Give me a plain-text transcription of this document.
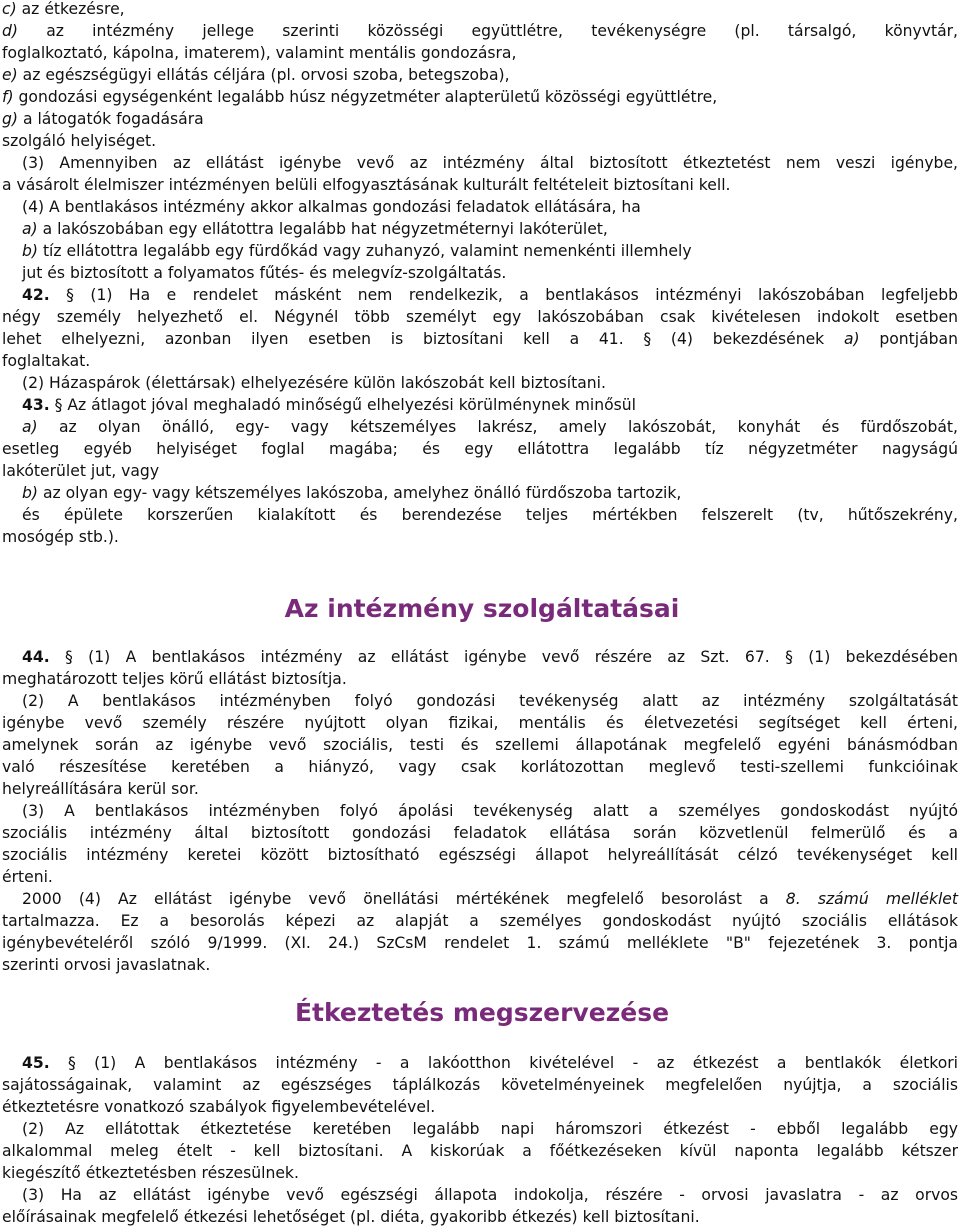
c) az étkezésre,
d) az intézmény jellege szerinti közösségi együttlétre, tevékenységre (pl. társalgó, könyvtár,
foglalkoztató, kápolna, imaterem), valamint mentális gondozásra,
e) az egészségügyi ellátás céljára (pl. orvosi szoba, betegszoba),
f) gondozási egységenként legalább húsz négyzetméter alapterületű közösségi együttlétre,
g) a látogatók fogadására
szolgáló helyiséget.
(3) Amennyiben az ellátást igénybe vevő az intézmény által biztosított étkeztetést nem veszi igénybe,
a vásárolt élelmiszer intézményen belüli elfogyasztásának kulturált feltételeit biztosítani kell.
(4) A bentlakásos intézmény akkor alkalmas gondozási feladatok ellátására, ha
a) a lakószobában egy ellátottra legalább hat négyzetméternyi lakóterület,
b) tíz ellátottra legalább egy fürdőkád vagy zuhanyzó, valamint nemenkénti illemhely
jut és biztosított a folyamatos fűtés- és melegvíz-szolgáltatás.
42. § (1) Ha e rendelet másként nem rendelkezik, a bentlakásos intézményi lakószobában legfeljebb
négy személy helyezhető el. Négynél több személyt egy lakószobában csak kivételesen indokolt esetben
lehet elhelyezni, azonban ilyen esetben is biztosítani kell a 41. § (4) bekezdésének a) pontjában
foglaltakat.
(2) Házaspárok (élettársak) elhelyezésére külön lakószobát kell biztosítani.
43. § Az átlagot jóval meghaladó minőségű elhelyezési körülménynek minősül
a) az olyan önálló, egy- vagy kétszemélyes lakrész, amely lakószobát, konyhát és fürdőszobát,
esetleg egyéb helyiséget foglal magába; és egy ellátottra legalább tíz négyzetméter nagyságú
lakóterület jut, vagy
b) az olyan egy- vagy kétszemélyes lakószoba, amelyhez önálló fürdőszoba tartozik,
és épülete korszerűen kialakított és berendezése teljes mértékben felszerelt (tv, hűtőszekrény,
mosógép stb.).
44. § (1) A bentlakásos intézmény az ellátást igénybe vevő részére az Szt. 67. § (1) bekezdésében
meghatározott teljes körű ellátást biztosítja.
(2) A bentlakásos intézményben folyó gondozási tevékenység alatt az intézmény szolgáltatását
igénybe vevő személy részére nyújtott olyan fizikai, mentális és életvezetési segítséget kell érteni,
amelynek során az igénybe vevő szociális, testi és szellemi állapotának megfelelő egyéni bánásmódban
való részesítése keretében a hiányzó, vagy csak korlátozottan meglevő testi-szellemi funkcióinak
helyreállítására kerül sor.
(3) A bentlakásos intézményben folyó ápolási tevékenység alatt a személyes gondoskodást nyújtó
szociális intézmény által biztosított gondozási feladatok ellátása során közvetlenül felmerülő és a
szociális intézmény keretei között biztosítható egészségi állapot helyreállítását célzó tevékenységet kell
érteni.
2000 (4) Az ellátást igénybe vevő önellátási mértékének megfelelő besorolást a 8. számú melléklet
tartalmazza. Ez a besorolás képezi az alapját a személyes gondoskodást nyújtó szociális ellátások
igénybevételéről szóló 9/1999. (XI. 24.) SzCsM rendelet 1. számú melléklete "B" fejezetének 3. pontja
szerinti orvosi javaslatnak.
45. § (1) A bentlakásos intézmény - a lakóotthon kivételével - az étkezést a bentlakók életkori
sajátosságainak, valamint az egészséges táplálkozás követelményeinek megfelelően nyújtja, a szociális
étkeztetésre vonatkozó szabályok figyelembevételével.
(2) Az ellátottak étkeztetése keretében legalább napi háromszori étkezést - ebből legalább egy
alkalommal meleg ételt - kell biztosítani. A kiskorúak a főétkezéseken kívül naponta legalább kétszer
kiegészítő étkeztetésben részesülnek.
(3) Ha az ellátást igénybe vevő egészségi állapota indokolja, részére - orvosi javaslatra - az orvos
előírásainak megfelelő étkezési lehetőséget (pl. diéta, gyakoribb étkezés) kell biztosítani.
Az intézmény szolgáltatásai
Étkeztetés megszervezése
